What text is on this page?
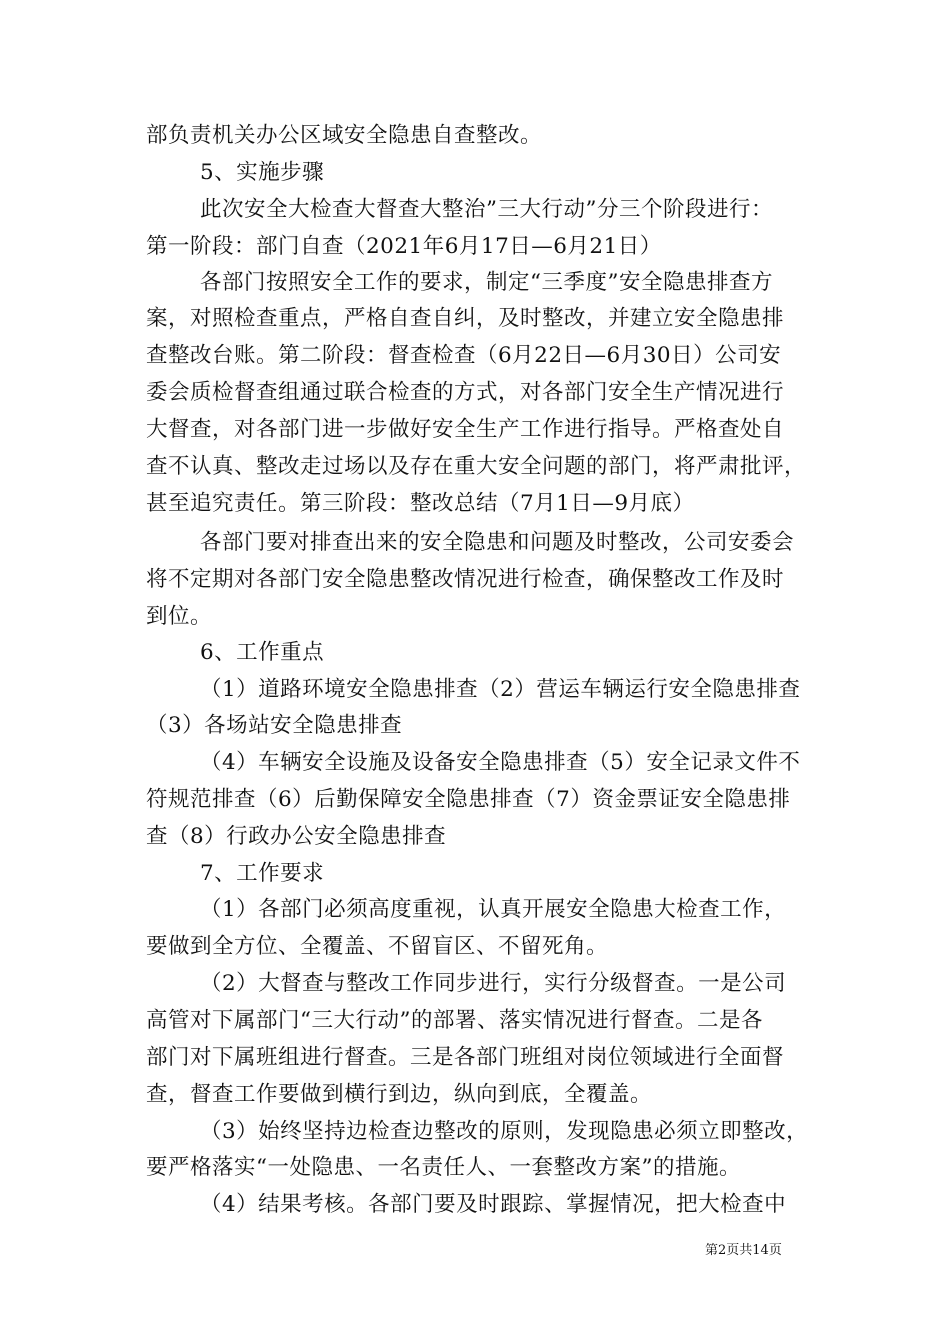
部负责机关办公区域安全隐患自查整改。
5、实施步骤
此次安全大检查大督查大整治”三大行动”分三个阶段进行：
第一阶段：部门自查（2021年6月17日—6月21日）
各部门按照安全工作的要求，制定“三季度”安全隐患排查方
案，对照检查重点，严格自查自纠，及时整改，并建立安全隐患排
查整改台账。第二阶段：督查检查（6月22日—6月30日）公司安
委会质检督查组通过联合检查的方式，对各部门安全生产情况进行
大督查，对各部门进一步做好安全生产工作进行指导。严格查处自
查不认真、整改走过场以及存在重大安全问题的部门，将严肃批评，
甚至追究责任。第三阶段：整改总结（7月1日—9月底）
各部门要对排查出来的安全隐患和问题及时整改，公司安委会
将不定期对各部门安全隐患整改情况进行检查，确保整改工作及时
到位。
6、工作重点
（1）道路环境安全隐患排查（2）营运车辆运行安全隐患排查
（3）各场站安全隐患排查
（4）车辆安全设施及设备安全隐患排查（5）安全记录文件不
符规范排查（6）后勤保障安全隐患排查（7）资金票证安全隐患排
查（8）行政办公安全隐患排查
7、工作要求
（1）各部门必须高度重视，认真开展安全隐患大检查工作，
要做到全方位、全覆盖、不留盲区、不留死角。
（2）大督查与整改工作同步进行，实行分级督查。一是公司
高管对下属部门“三大行动”的部署、落实情况进行督查。二是各
部门对下属班组进行督查。三是各部门班组对岗位领域进行全面督
查，督查工作要做到横行到边，纵向到底，全覆盖。
（3）始终坚持边检查边整改的原则，发现隐患必须立即整改，
要严格落实“一处隐患、一名责任人、一套整改方案”的措施。
（4）结果考核。各部门要及时跟踪、掌握情况，把大检查中
第2页共14页
